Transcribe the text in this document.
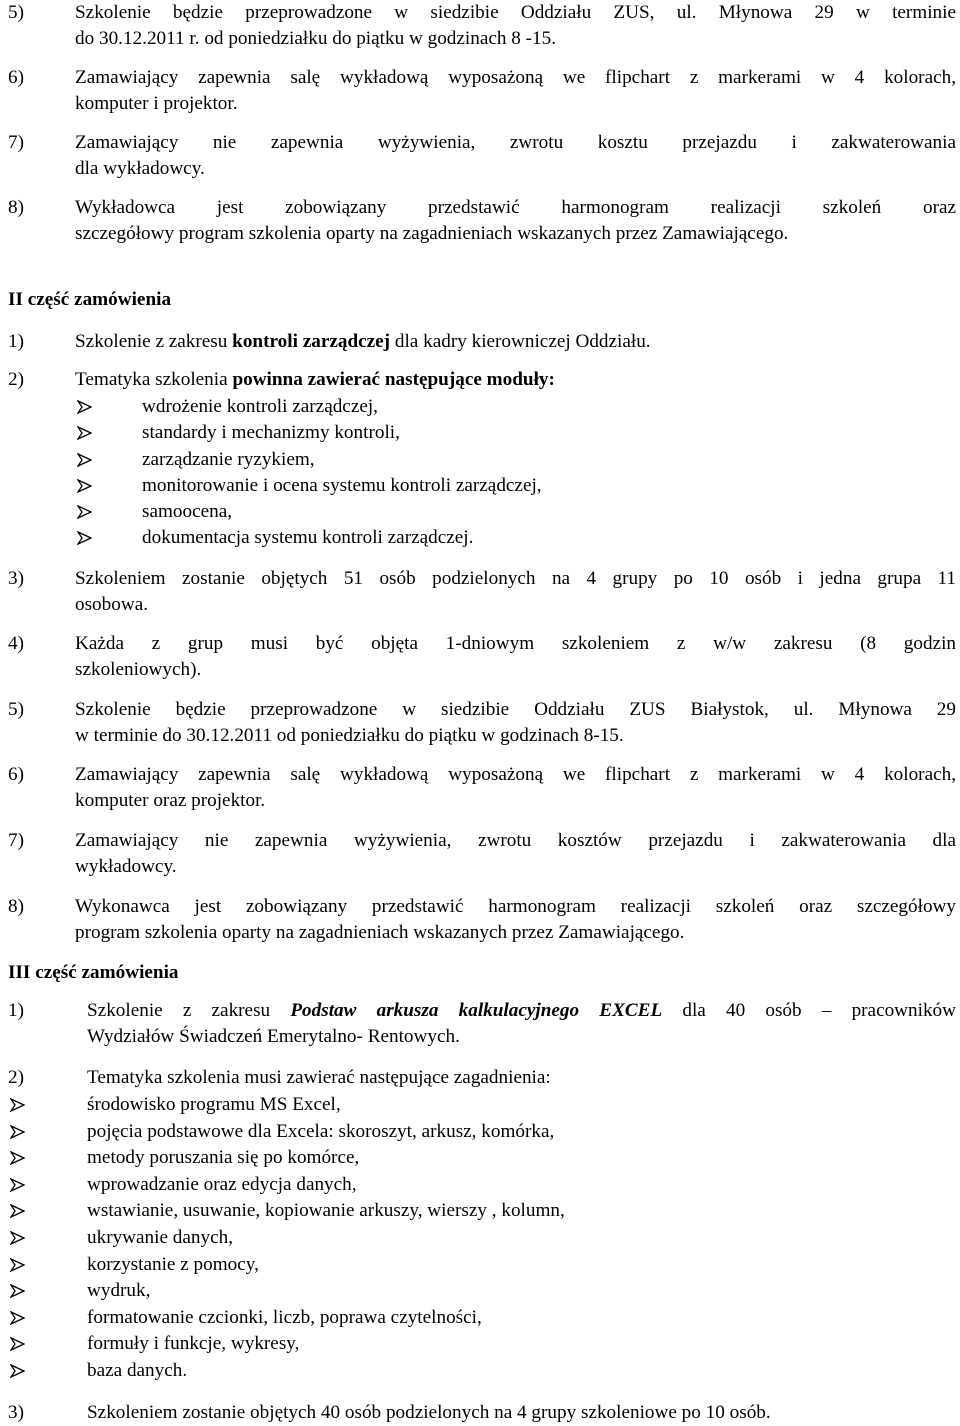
5)	Szkolenie będzie przeprowadzone w siedzibie Oddziału ZUS, ul. Młynowa 29 w terminie
do 30.12.2011 r. od poniedziałku do piątku w godzinach 8 -15.
6)	Zamawiający zapewnia salę wykładową wyposażoną we flipchart z markerami w 4 kolorach,
komputer i projektor.
7)	Zamawiający nie zapewnia wyżywienia, zwrotu kosztu przejazdu i zakwaterowania
dla wykładowcy.
8)	Wykładowca jest zobowiązany przedstawić harmonogram realizacji szkoleń oraz
szczegółowy program szkolenia oparty na zagadnieniach wskazanych przez Zamawiającego.
II część zamówienia
1)	Szkolenie z zakresu kontroli zarządczej dla kadry kierowniczej Oddziału.
2)	Tematyka szkolenia powinna zawierać następujące moduły:
wdrożenie kontroli zarządczej,
standardy i mechanizmy kontroli,
zarządzanie ryzykiem,
monitorowanie i ocena systemu kontroli zarządczej,
samoocena,
dokumentacja systemu kontroli zarządczej.
3)	Szkoleniem zostanie objętych 51 osób podzielonych na 4 grupy po 10 osób i jedna grupa 11
osobowa.
4)	Każda z grup musi być objęta 1-dniowym szkoleniem z w/w zakresu (8 godzin
szkoleniowych).
5)	Szkolenie będzie przeprowadzone w siedzibie Oddziału ZUS Białystok, ul. Młynowa 29
w terminie do 30.12.2011 od poniedziałku do piątku w godzinach 8-15.
6)	Zamawiający zapewnia salę wykładową wyposażoną we flipchart z markerami w 4 kolorach,
komputer oraz projektor.
7)	Zamawiający nie zapewnia wyżywienia, zwrotu kosztów przejazdu i zakwaterowania dla
wykładowcy.
8)	Wykonawca jest zobowiązany przedstawić harmonogram realizacji szkoleń oraz szczegółowy
program szkolenia oparty na zagadnieniach wskazanych przez Zamawiającego.
III część zamówienia
1)	Szkolenie z zakresu Podstaw arkusza kalkulacyjnego EXCEL dla 40 osób – pracowników
Wydziałów Świadczeń Emerytalno- Rentowych.
2)	Tematyka szkolenia musi zawierać następujące zagadnienia:
środowisko programu MS Excel,
pojęcia podstawowe dla Excela: skoroszyt, arkusz, komórka,
metody poruszania się po komórce,
wprowadzanie oraz edycja danych,
wstawianie, usuwanie, kopiowanie arkuszy, wierszy , kolumn,
ukrywanie danych,
korzystanie z pomocy,
wydruk,
formatowanie czcionki, liczb, poprawa czytelności,
formuły i funkcje, wykresy,
baza danych.
3)	Szkoleniem zostanie objętych 40 osób podzielonych na 4 grupy szkoleniowe po 10 osób.
